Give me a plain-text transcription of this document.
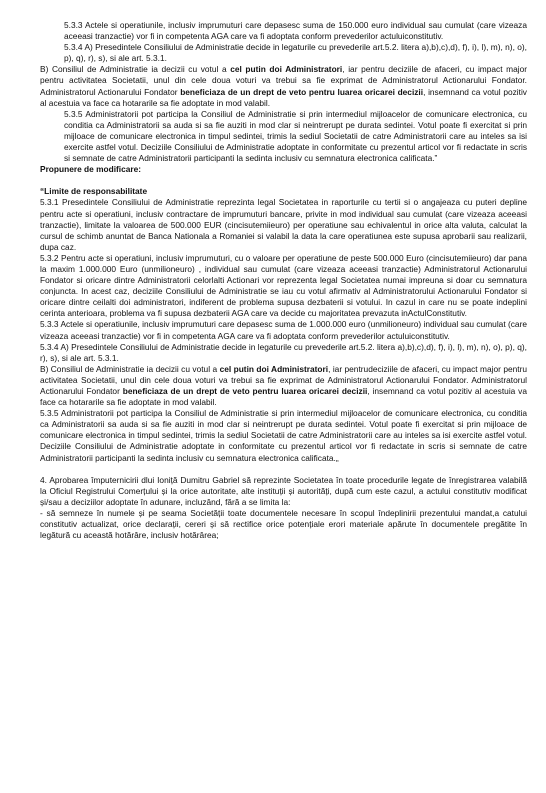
5.3.3 Actele si operatiunile, inclusiv imprumuturi care depasesc suma de 150.000 euro individual sau cumulat (care vizeaza aceeasi tranzactie) vor fi in competenta AGA care va fi adoptata conform prevederilor actuluiconstitutiv.

5.3.4 A) Presedintele Consiliului de Administratie decide in legaturile cu prevederile art.5.2. litera a),b),c),d), f), i), l), m), n), o), p), q), r), s), si ale art. 5.3.1.

B) Consiliul de Administratie ia decizii cu votul a cel putin doi Administratori, iar pentru deciziile de afaceri, cu impact major pentru activitatea Societatii, unul din cele doua voturi va trebui sa fie exprimat de Administratorul Actionarului Fondator. Administratorul Actionarului Fondator beneficiaza de un drept de veto pentru luarea oricarei decizii, insemnand ca votul pozitiv al acestuia va face ca hotararile sa fie adoptate in mod valabil.

5.3.5 Administratorii pot participa la Consiliul de Administratie si prin intermediul mijloacelor de comunicare electronica, cu conditia ca Administratorii sa auda si sa fie auziti in mod clar si neintrerupt pe durata sedintei. Votul poate fi exercitat si prin mijloace de comunicare electronica in timpul sedintei, trimis la sediul Societatii de catre Administratorii care au inteles sa isi exercite astfel votul. Deciziile Consiliului de Administratie adoptate in conformitate cu prezentul articol vor fi redactate in scris si semnate de catre Administratorii participanti la sedinta inclusiv cu semnatura electronica calificata.”

Propunere de modificare:

“Limite de responsabilitate

5.3.1 Presedintele Consiliului de Administratie reprezinta legal Societatea in raporturile cu tertii si o angajeaza cu puteri depline pentru acte si operatiuni, inclusiv contractare de imprumuturi bancare, privite in mod individual sau cumulat (care vizeaza aceeasi tranzactie), limitate la valoarea de 500.000 EUR (cincisutemiieuro) per operatiune sau echivalentul in orice alta valuta, calculat la cursul de schimb anuntat de Banca Nationala a Romaniei si valabil la data la care operatiunea este supusa aprobarii sau realizarii, dupa caz.

5.3.2 Pentru acte si operatiuni, inclusiv imprumuturi, cu o valoare per operatiune de peste 500.000 Euro (cincisutemiieuro) dar pana la maxim 1.000.000 Euro (unmilioneuro) , individual sau cumulat (care vizeaza aceeasi tranzactie) Administratorul Actionarului Fondator si oricare dintre Administratorii celorlalti Actionari vor reprezenta legal Societatea numai impreuna si doar cu semnatura conjuncta. In acest caz, deciziile Consiliului de Administratie se iau cu votul afirmativ al Administratorului Actionarului Fondator si oricare dintre ceilalti doi administratori, indiferent de problema supusa dezbaterii si votului. In cazul in care nu se poate indeplini cerinta anterioara, problema va fi supusa dezbaterii AGA care va decide cu majoritatea prevazuta inActulConstitutiv.

5.3.3 Actele si operatiunile, inclusiv imprumuturi care depasesc suma de 1.000.000 euro (unmilioneuro) individual sau cumulat (care vizeaza aceeasi tranzactie) vor fi in competenta AGA care va fi adoptata conform prevederilor actuluiconstitutiv.

5.3.4 A) Presedintele Consiliului de Administratie decide in legaturile cu prevederile art.5.2. litera a),b),c),d), f), i), l), m), n), o), p), q), r), s), si ale art. 5.3.1.

B) Consiliul de Administratie ia decizii cu votul a cel putin doi Administratori, iar pentrudeciziile de afaceri, cu impact major pentru activitatea Societatii, unul din cele doua voturi va trebui sa fie exprimat de Administratorul Actionarului Fondator. Administratorul Actionarului Fondator beneficiaza de un drept de veto pentru luarea oricarei decizii, insemnand ca votul pozitiv al acestuia va face ca hotararile sa fie adoptate in mod valabil.

5.3.5 Administratorii pot participa la Consiliul de Administratie si prin intermediul mijloacelor de comunicare electronica, cu conditia ca Administratorii sa auda si sa fie auziti in mod clar si neintrerupt pe durata sedintei. Votul poate fi exercitat si prin mijloace de comunicare electronica in timpul sedintei, trimis la sediul Societatii de catre Administratorii care au inteles sa isi exercite astfel votul. Deciziile Consiliului de Administratie adoptate in conformitate cu prezentul articol vor fi redactate in scris si semnate de catre Administratorii participanti la sedinta inclusiv cu semnatura electronica calificata.„

4. Aprobarea împuternicirii dlui Ioniță Dumitru Gabriel să reprezinte Societatea în toate procedurile legate de înregistrarea valabilă la Oficiul Registrului Comerțului și la orice autoritate, alte instituții și autorități, după cum este cazul, a actului constitutiv modificat și/sau a deciziilor adoptate în adunare, incluzând, fără a se limita la:

- să semneze în numele și pe seama Societății toate documentele necesare în scopul îndeplinirii prezentului mandat,a catului constitutiv actualizat, orice declarații, cereri și să rectifice orice potențiale erori materiale apărute în documentele pregătite în legătură cu această hotărâre, inclusiv hotărârea;
